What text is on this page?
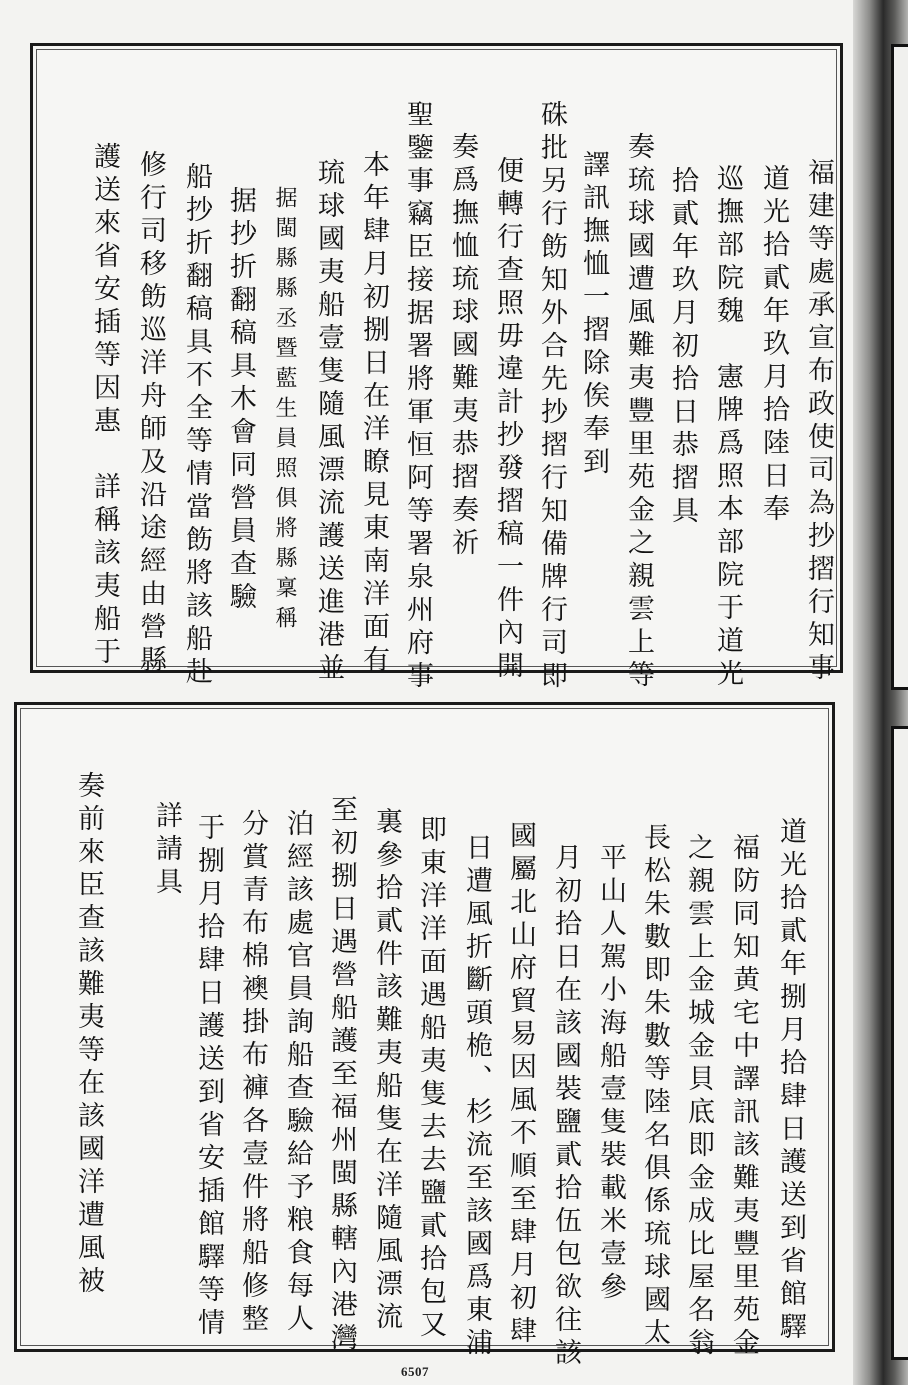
福建等處承宣布政使司為抄摺行知事
道光拾貳年玖月拾陸日奉
巡撫部院魏　憲牌爲照本部院于道光
拾貳年玖月初拾日恭摺具
奏琉球國遭風難夷豐里苑金之親雲上等
譯訊撫恤一摺除俟奉到
硃批另行飭知外合先抄摺行知備牌行司即
便轉行查照毋違計抄發摺稿一件內開
奏爲撫恤琉球國難夷恭摺奏祈
聖鑒事竊臣接据署將軍恒阿等署泉州府事
本年肆月初捌日在洋瞭見東南洋面有
琉球國夷船壹隻隨風漂流護送進港並
据閩縣縣丞暨藍生員照俱將縣稟稱
据抄折翻稿具木會同營員查驗
船抄折翻稿具不全等情當飭將該船赴
修行司移飭巡洋舟師及沿途經由營縣
護送來省安插等因惠　詳稱該夷船于
道光拾貳年捌月拾肆日護送到省館驛
福防同知黄宅中譯訊該難夷豐里苑金
之親雲上金城金貝底即金成比屋名翁
長松朱數即朱數等陸名俱係琉球國太
平山人駕小海船壹隻裝載米壹參
月初拾日在該國裝鹽貳拾伍包欲往該
國屬北山府貿易因風不順至肆月初肆
日遭風折斷頭桅、杉流至該國爲東浦
即東洋洋面遇船夷隻去去鹽貳拾包又
裏參拾貳件該難夷船隻在洋隨風漂流
至初捌日遇營船護至福州閩縣轄內港灣
泊經該處官員詢船查驗給予粮食每人
分賞青布棉襖掛布褲各壹件將船修整
于捌月拾肆日護送到省安插館驛等情
詳請具
奏前來臣查該難夷等在該國洋遭風被
6507
